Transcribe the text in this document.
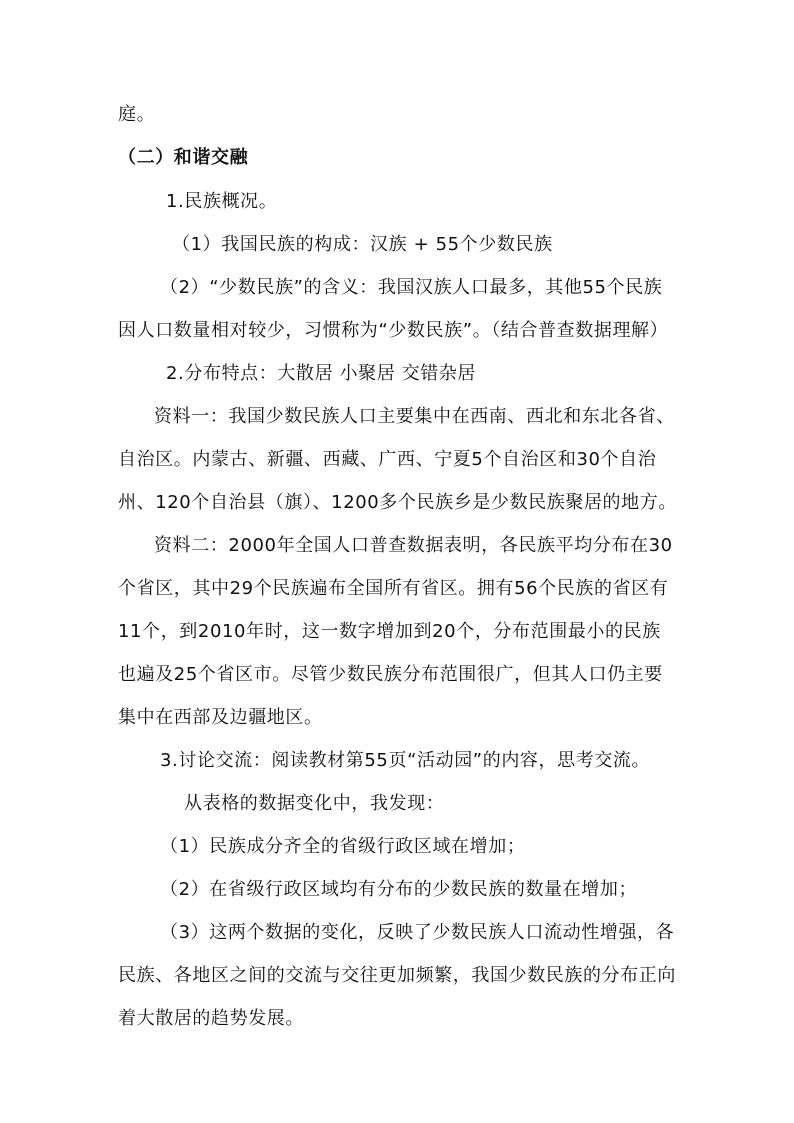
庭。
（二）和谐交融
1.民族概况。
（1）我国民族的构成：汉族 + 55个少数民族
（2）“少数民族”的含义：我国汉族人口最多，其他55个民族
因人口数量相对较少，习惯称为“少数民族”。（结合普查数据理解）
2.分布特点：大散居 小聚居 交错杂居
资料一：我国少数民族人口主要集中在西南、西北和东北各省、
自治区。内蒙古、新疆、西藏、广西、宁夏5个自治区和30个自治
州、120个自治县（旗）、1200多个民族乡是少数民族聚居的地方。
资料二：2000年全国人口普查数据表明，各民族平均分布在30
个省区，其中29个民族遍布全国所有省区。拥有56个民族的省区有
11个，到2010年时，这一数字增加到20个，分布范围最小的民族
也遍及25个省区市。尽管少数民族分布范围很广，但其人口仍主要
集中在西部及边疆地区。
3.讨论交流：阅读教材第55页“活动园”的内容，思考交流。
从表格的数据变化中，我发现：
（1）民族成分齐全的省级行政区域在增加；
（2）在省级行政区域均有分布的少数民族的数量在增加；
（3）这两个数据的变化，反映了少数民族人口流动性增强，各
民族、各地区之间的交流与交往更加频繁，我国少数民族的分布正向
着大散居的趋势发展。
